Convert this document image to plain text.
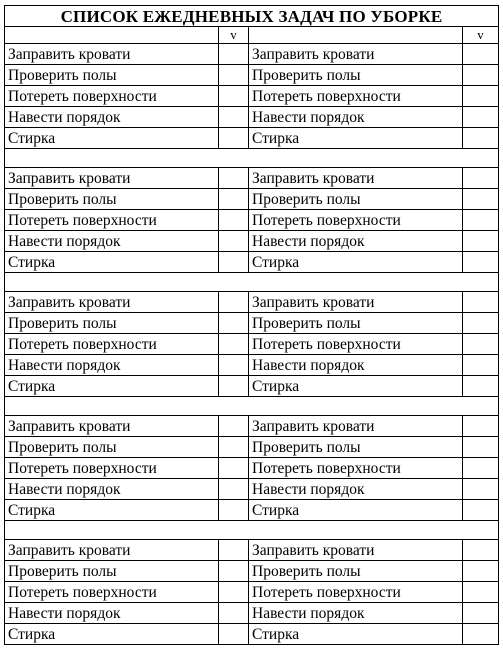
СПИСОК ЕЖЕДНЕВНЫХ ЗАДАЧ ПО УБОРКЕ			
	v		v
Заправить кровати		Заправить кровати	
Проверить полы		Проверить полы	
Потереть поверхности		Потереть поверхности	
Навести порядок		Навести порядок	
Стирка		Стирка	

Заправить кровати		Заправить кровати	
Проверить полы		Проверить полы	
Потереть поверхности		Потереть поверхности	
Навести порядок		Навести порядок	
Стирка		Стирка	

Заправить кровати		Заправить кровати	
Проверить полы		Проверить полы	
Потереть поверхности		Потереть поверхности	
Навести порядок		Навести порядок	
Стирка		Стирка	

Заправить кровати		Заправить кровати	
Проверить полы		Проверить полы	
Потереть поверхности		Потереть поверхности	
Навести порядок		Навести порядок	
Стирка		Стирка	

Заправить кровати		Заправить кровати	
Проверить полы		Проверить полы	
Потереть поверхности		Потереть поверхности	
Навести порядок		Навести порядок	
Стирка		Стирка	
